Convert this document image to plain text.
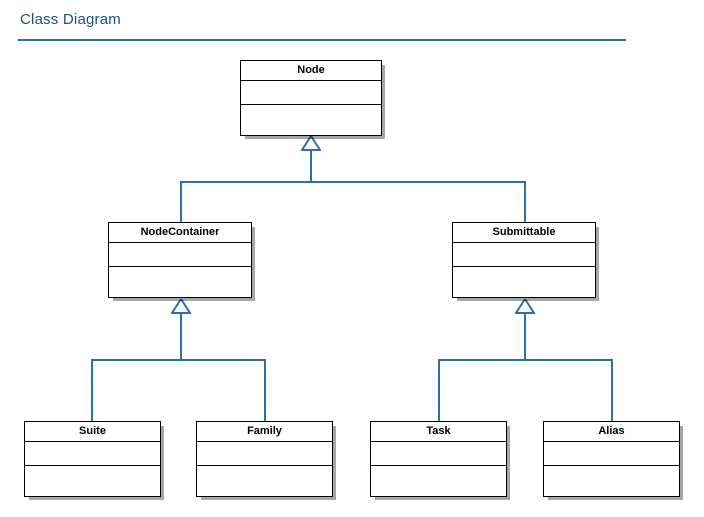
Class Diagram
Node
NodeContainer	Submittable
Suite	Family	Task	Alias
